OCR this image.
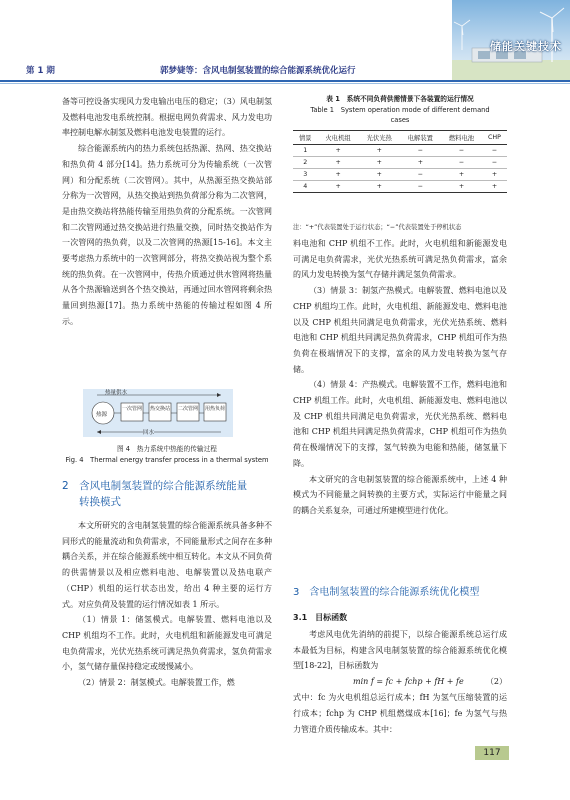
储能关键技术
第 1 期	郭梦婕等：含风电制氢装置的综合能源系统优化运行

备等可控设备实现风力发电输出电压的稳定；（3）风电制氢及燃料电池发电系统控制。根据电网负荷需求、风力发电功率控制电解水制氢及燃料电池发电装置的运行。

综合能源系统内的热力系统包括热源、热网、热交换站和热负荷 4 部分[14]。热力系统可分为传输系统（一次管网）和分配系统（二次管网）。其中，从热源至热交换站部分称为一次管网，从热交换站到热负荷部分称为二次管网，是由热交换站将热能传输至用热负荷的分配系统。一次管网和二次管网通过热交换站进行热量交换，同时热交换站作为一次管网的热负荷，以及二次管网的热源[15-16]。本文主要考虑热力系统中的一次管网部分，将热交换站视为整个系统的热负荷。在一次管网中，传热介质通过供水管网将热量从各个热源输送到各个热交换站，再通过回水管网将剩余热量回到热源[17]。热力系统中热能的传输过程如图 4 所示。

热量供水
回水
热源
一次管网 热交换站 二次管网 用热负荷
图 4　热力系统中热能的传输过程
Fig. 4　Thermal energy transfer process in a thermal system
2　含风电制氢装置的综合能源系统能量
转换模式

本文所研究的含电制氢装置的综合能源系统具备多种不同形式的能量流动和负荷需求，不同能量形式之间存在多种耦合关系，并在综合能源系统中相互转化。本文从不同负荷的供需情景以及相应燃料电池、电解装置以及热电联产（CHP）机组的运行状态出发，给出 4 种主要的运行方式。对应负荷及装置的运行情况如表 1 所示。

（1）情景 1：储氢模式。电解装置、燃料电池以及 CHP 机组均不工作。此时，火电机组和新能源发电可满足电负荷需求，光伏光热系统可满足热负荷需求，氢负荷需求小，氢气储存量保持稳定或缓慢减小。

（2）情景 2：制氢模式。电解装置工作，燃

表 1　系统不同负荷供需情景下各装置的运行情况
Table 1　System operation mode of different demand
cases
情景	火电机组	光伏光热	电解装置	燃料电池	CHP
1	+	+	−	−	−
2	+	+	+	−	−
3	+	+	−	+	+
4	+	+	−	+	+
注：“+”代表装置处于运行状态；“−”代表装置处于停机状态

料电池和 CHP 机组不工作。此时，火电机组和新能源发电可满足电负荷需求，光伏光热系统可满足热负荷需求，富余的风力发电转换为氢气存储并满足氢负荷需求。

（3）情景 3：制氢产热模式。电解装置、燃料电池以及 CHP 机组均工作。此时，火电机组、新能源发电、燃料电池以及 CHP 机组共同满足电负荷需求，光伏光热系统、燃料电池和 CHP 机组共同满足热负荷需求，CHP 机组可作为热负荷在极端情况下的支撑，富余的风力发电转换为氢气存储。

（4）情景 4：产热模式。电解装置不工作，燃料电池和 CHP 机组工作。此时，火电机组、新能源发电、燃料电池以及 CHP 机组共同满足电负荷需求，光伏光热系统、燃料电池和 CHP 机组共同满足热负荷需求，CHP 机组可作为热负荷在极端情况下的支撑，氢气转换为电能和热能，储氢量下降。

本文研究的含电制氢装置的综合能源系统中，上述 4 种模式为不同能量之间转换的主要方式，实际运行中能量之间的耦合关系复杂，可通过所建模型进行优化。

3　含电制氢装置的综合能源系统优化模型
3.1　目标函数

考虑风电优先消纳的前提下，以综合能源系统总运行成本最低为目标，构建含风电制氢装置的综合能源系统优化模型[18-22]，目标函数为

min f = fc + fchp + fH + fe	（2）

式中：fc 为火电机组总运行成本；fH 为氢气压缩装置的运行成本；fchp 为 CHP 机组燃煤成本[16]；fe 为氢气与热力管道介质传输成本。其中：

117
